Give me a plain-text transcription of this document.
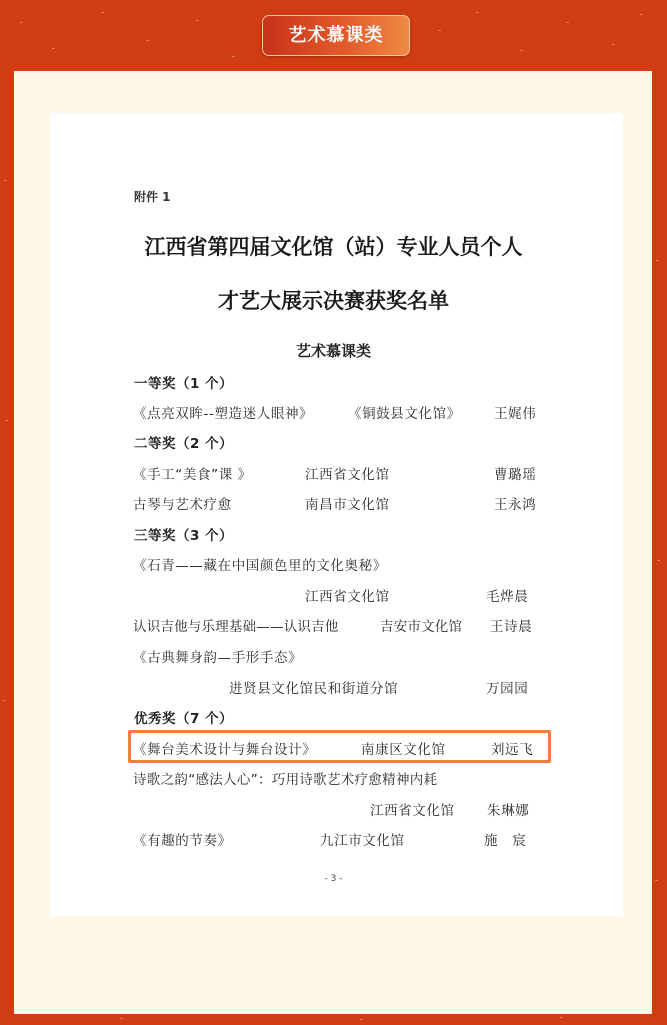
艺术慕课类
附件 1
江西省第四届文化馆（站）专业人员个人
才艺大展示决赛获奖名单
艺术慕课类
一等奖（1 个）
《点亮双眸--塑造迷人眼神》	《铜鼓县文化馆》 王娓伟
二等奖（2 个）
《手工“美食”课 》	江西省文化馆	曹璐瑶
古琴与艺术疗愈	南昌市文化馆	王永鸿
三等奖（3 个）
《石青——藏在中国颜色里的文化奥秘》
江西省文化馆	毛烨晨
认识吉他与乐理基础——认识吉他	吉安市文化馆 王诗晨
《古典舞身韵—手形手态》
进贤县文化馆民和街道分馆	万园园
优秀奖（7 个）
《舞台美术设计与舞台设计》	南康区文化馆	刘远飞
诗歌之韵“感法人心”：巧用诗歌艺术疗愈精神内耗
江西省文化馆 朱琳娜
《有趣的节奏》	九江市文化馆	施　宸
- 3 -
